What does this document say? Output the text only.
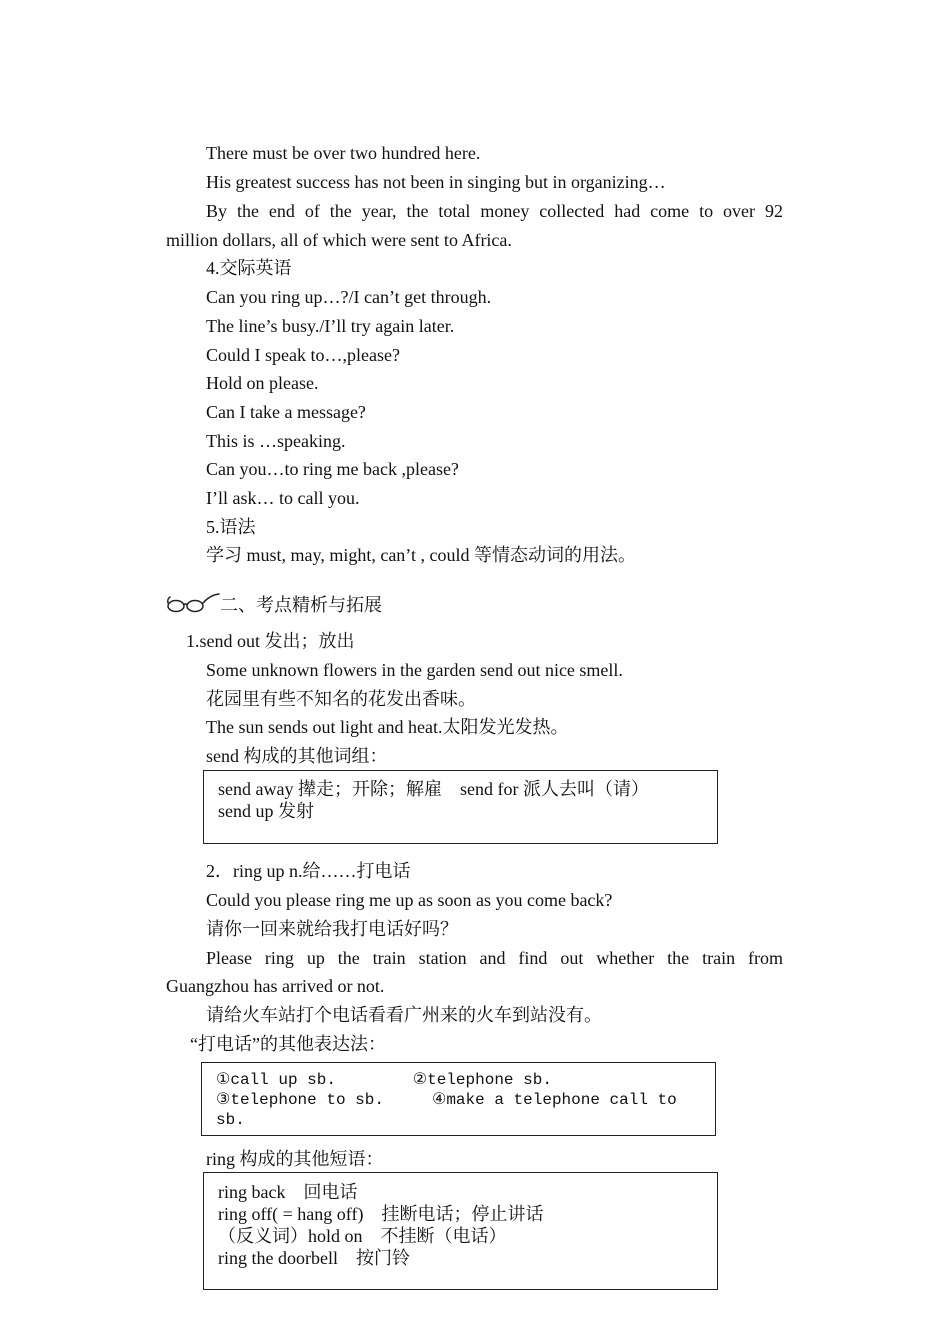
There must be over two hundred here.
His greatest success has not been in singing but in organizing…
By the end of the year, the total money collected had come to over 92
million dollars, all of which were sent to Africa.
4.交际英语
Can you ring up…?/I can’t get through.
The line’s busy./I’ll try again later.
Could I speak to…,please?
Hold on please.
Can I take a message?
This is …speaking.
Can you…to ring me back ,please?
I’ll ask… to call you.
5.语法
学习 must, may, might, can’t , could 等情态动词的用法。
二、考点精析与拓展
1.send out 发出；放出
Some unknown flowers in the garden send out nice smell.
花园里有些不知名的花发出香味。
The sun sends out light and heat.太阳发光发热。
send 构成的其他词组：
send away 撵走；开除；解雇　send for 派人去叫（请）
send up 发射
2．ring up n.给……打电话
Could you please ring me up as soon as you come back?
请你一回来就给我打电话好吗？
Please ring up the train station and find out whether the train from
Guangzhou has arrived or not.
请给火车站打个电话看看广州来的火车到站没有。
“打电话”的其他表达法：
①call up sb.        ②telephone sb.
③telephone to sb.     ④make a telephone call to
sb.
ring 构成的其他短语：
ring back　回电话
ring off( = hang off)　挂断电话；停止讲话
（反义词）hold on　不挂断（电话）
ring the doorbell　按门铃
